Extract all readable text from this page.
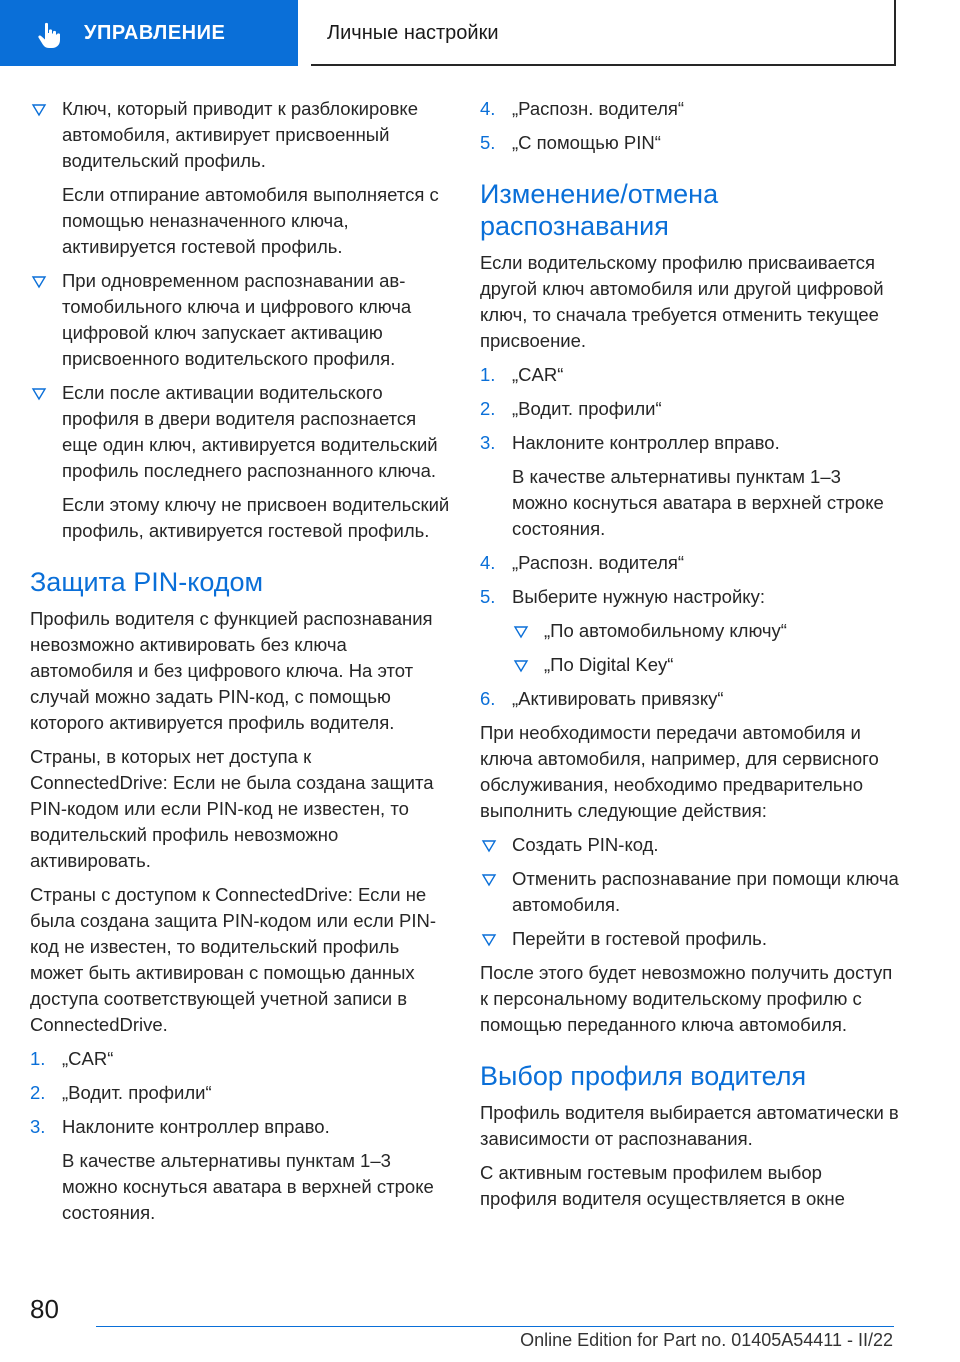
УПРАВЛЕНИЕ	Личные настройки
Ключ, который приводит к разблокировке автомобиля, активирует присвоенный водительский профиль.
Если отпирание автомобиля выполняется с помощью неназначенного ключа, активируется гостевой профиль.
При одновременном распознавании автомобильного ключа и цифрового ключа цифровой ключ запускает активацию присвоенного водительского профиля.
Если после активации водительского профиля в двери водителя распознается еще один ключ, активируется водительский профиль последнего распознанного ключа.
Если этому ключу не присвоен водительский профиль, активируется гостевой профиль.
Защита PIN-кодом

Профиль водителя с функцией распознавания невозможно активировать без ключа автомобиля и без цифрового ключа. На этот случай можно задать PIN-код, с помощью которого активируется профиль водителя.

Страны, в которых нет доступа к ConnectedDrive: Если не была создана защита PIN-кодом или если PIN-код не известен, то водительский профиль невозможно активировать.

Страны с доступом к ConnectedDrive: Если не была создана защита PIN-кодом или если PIN-код не известен, то водительский профиль может быть активирован с помощью данных доступа соответствующей учетной записи в ConnectedDrive.

1. „CAR“
2. „Водит. профили“
3. Наклоните контроллер вправо.
В качестве альтернативы пунктам 1–3 можно коснуться аватара в верхней строке состояния.
4. „Распозн. водителя“
5. „С помощью PIN“
Изменение/отмена распознавания

Если водительскому профилю присваивается другой ключ автомобиля или другой цифровой ключ, то сначала требуется отменить текущее присвоение.

1. „CAR“
2. „Водит. профили“
3. Наклоните контроллер вправо.
В качестве альтернативы пунктам 1–3 можно коснуться аватара в верхней строке состояния.
4. „Распозн. водителя“
5. Выберите нужную настройку:
„По автомобильному ключу“
„По Digital Key“
6. „Активировать привязку“

При необходимости передачи автомобиля и ключа автомобиля, например, для сервисного обслуживания, необходимо предварительно выполнить следующие действия:

Создать PIN-код.
Отменить распознавание при помощи ключа автомобиля.
Перейти в гостевой профиль.

После этого будет невозможно получить доступ к персональному водительскому профилю с помощью переданного ключа автомобиля.

Выбор профиля водителя

Профиль водителя выбирается автоматически в зависимости от распознавания.

С активным гостевым профилем выбор профиля водителя осуществляется в окне

80
Online Edition for Part no. 01405A54411 - II/22
